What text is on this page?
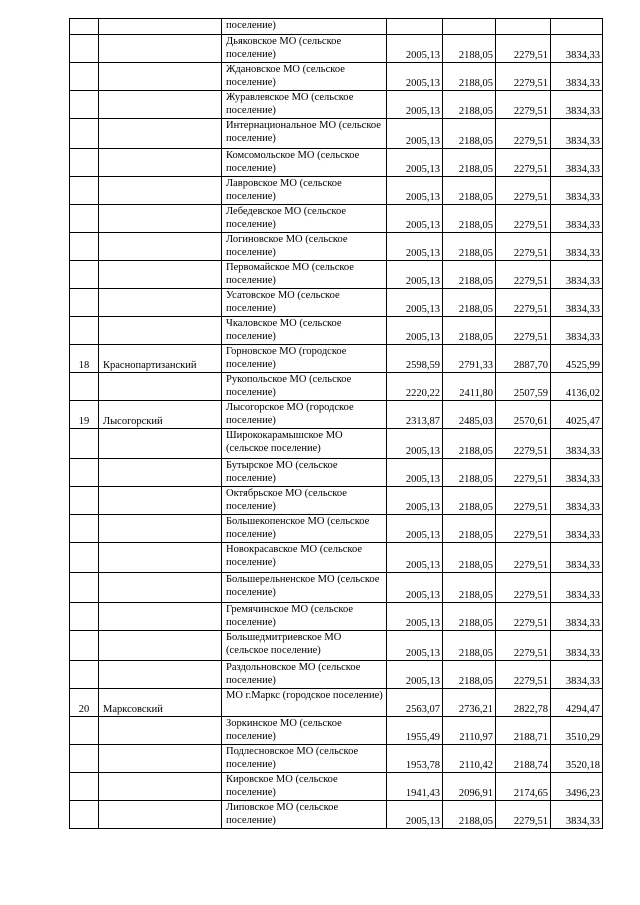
		поселение)				
		Дьяковское МО (сельское поселение)	2005,13	2188,05	2279,51	3834,33
		Ждановское МО (сельское поселение)	2005,13	2188,05	2279,51	3834,33
		Журавлевское МО (сельское поселение)	2005,13	2188,05	2279,51	3834,33
		Интернациональное МО (сельское поселение)	2005,13	2188,05	2279,51	3834,33
		Комсомольское МО (сельское поселение)	2005,13	2188,05	2279,51	3834,33
		Лавровское МО (сельское поселение)	2005,13	2188,05	2279,51	3834,33
		Лебедевское МО (сельское поселение)	2005,13	2188,05	2279,51	3834,33
		Логиновское МО (сельское поселение)	2005,13	2188,05	2279,51	3834,33
		Первомайское МО (сельское поселение)	2005,13	2188,05	2279,51	3834,33
		Усатовское МО (сельское поселение)	2005,13	2188,05	2279,51	3834,33
		Чкаловское МО (сельское поселение)	2005,13	2188,05	2279,51	3834,33
18	Краснопартизанский	Горновское МО (городское поселение)	2598,59	2791,33	2887,70	4525,99
		Рукопольское МО (сельское поселение)	2220,22	2411,80	2507,59	4136,02
19	Лысогорский	Лысогорское МО (городское поселение)	2313,87	2485,03	2570,61	4025,47
		Ширококарамышское МО (сельское поселение)	2005,13	2188,05	2279,51	3834,33
		Бутырское МО (сельское поселение)	2005,13	2188,05	2279,51	3834,33
		Октябрьское МО (сельское поселение)	2005,13	2188,05	2279,51	3834,33
		Большекопенское МО (сельское поселение)	2005,13	2188,05	2279,51	3834,33
		Новокрасавское МО (сельское поселение)	2005,13	2188,05	2279,51	3834,33
		Большерельненское МО (сельское поселение)	2005,13	2188,05	2279,51	3834,33
		Гремячинское МО (сельское поселение)	2005,13	2188,05	2279,51	3834,33
		Большедмитриевское МО (сельское поселение)	2005,13	2188,05	2279,51	3834,33
		Раздольновское МО (сельское поселение)	2005,13	2188,05	2279,51	3834,33
20	Марксовский	МО г.Маркс (городское поселение)	2563,07	2736,21	2822,78	4294,47
		Зоркинское МО (сельское поселение)	1955,49	2110,97	2188,71	3510,29
		Подлесновское МО (сельское поселение)	1953,78	2110,42	2188,74	3520,18
		Кировское МО (сельское поселение)	1941,43	2096,91	2174,65	3496,23
		Липовское МО (сельское поселение)	2005,13	2188,05	2279,51	3834,33
